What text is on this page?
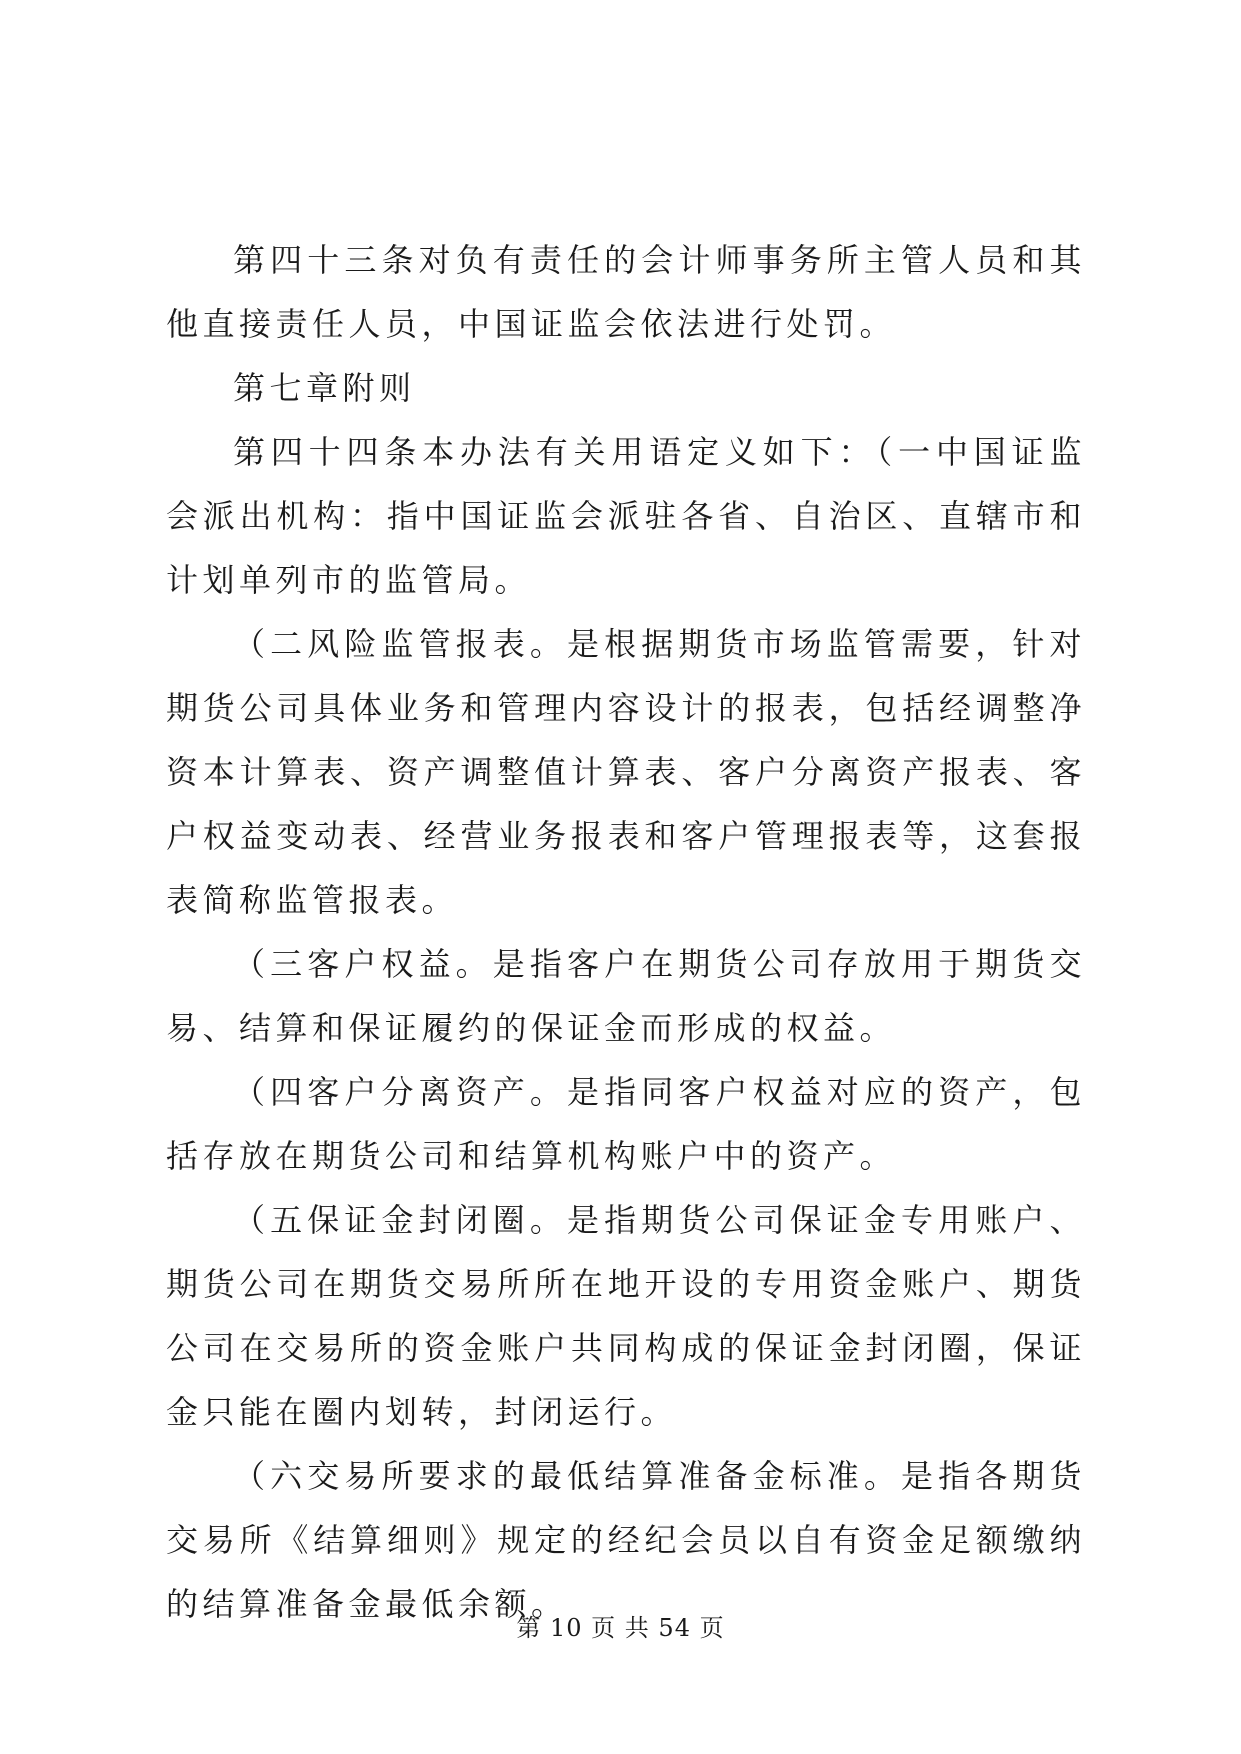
第四十三条对负有责任的会计师事务所主管人员和其他直接责任人员，中国证监会依法进行处罚。

第七章附则

第四十四条本办法有关用语定义如下：（一中国证监会派出机构：指中国证监会派驻各省、自治区、直辖市和计划单列市的监管局。

（二风险监管报表。是根据期货市场监管需要，针对期货公司具体业务和管理内容设计的报表，包括经调整净资本计算表、资产调整值计算表、客户分离资产报表、客户权益变动表、经营业务报表和客户管理报表等，这套报表简称监管报表。

（三客户权益。是指客户在期货公司存放用于期货交易、结算和保证履约的保证金而形成的权益。

（四客户分离资产。是指同客户权益对应的资产，包括存放在期货公司和结算机构账户中的资产。

（五保证金封闭圈。是指期货公司保证金专用账户、期货公司在期货交易所所在地开设的专用资金账户、期货公司在交易所的资金账户共同构成的保证金封闭圈，保证金只能在圈内划转，封闭运行。

（六交易所要求的最低结算准备金标准。是指各期货交易所《结算细则》规定的经纪会员以自有资金足额缴纳的结算准备金最低余额。

第 10 页 共 54 页
